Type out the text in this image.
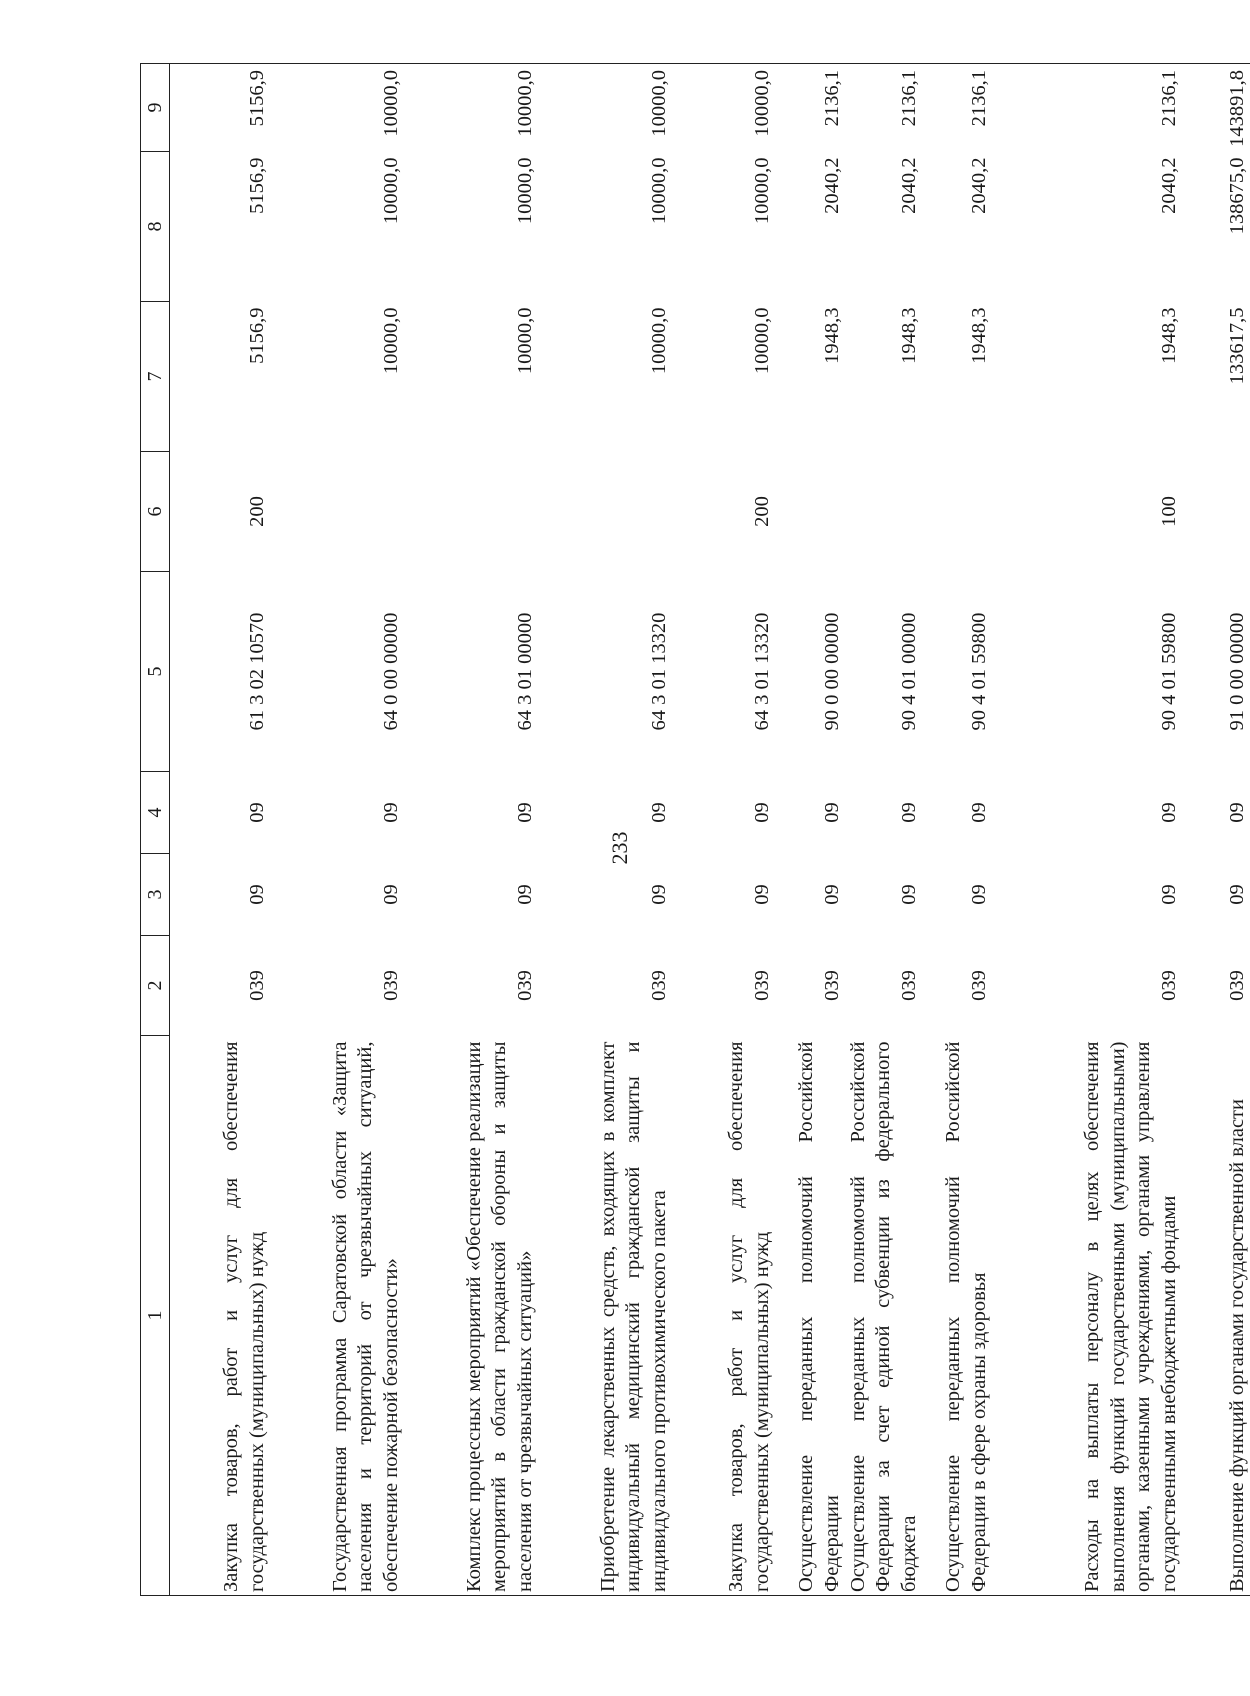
233
1	2	3	4	5	6	7	8	9
Закупка товаров, работ и услуг для обеспечения государственных (муниципальных) нужд	039	09	09	61 3 02 10570	200	5156,9	5156,9	5156,9
Государственная программа Саратовской области «Защита населения и территорий от чрезвычайных ситуаций, обеспечение пожарной безопасности»	039	09	09	64 0 00 00000		10000,0	10000,0	10000,0
Комплекс процессных мероприятий «Обеспечение реализации мероприятий в области гражданской обороны и защиты населения от чрезвычайных ситуаций»	039	09	09	64 3 01 00000		10000,0	10000,0	10000,0
Приобретение лекарственных средств, входящих в комплект индивидуальный медицинский гражданской защиты и индивидуального противохимического пакета	039	09	09	64 3 01 13320		10000,0	10000,0	10000,0
Закупка товаров, работ и услуг для обеспечения государственных (муниципальных) нужд	039	09	09	64 3 01 13320	200	10000,0	10000,0	10000,0
Осуществление переданных полномочий Российской Федерации	039	09	09	90 0 00 00000		1948,3	2040,2	2136,1
Осуществление переданных полномочий Российской Федерации за счет единой субвенции из федерального бюджета	039	09	09	90 4 01 00000		1948,3	2040,2	2136,1
Осуществление переданных полномочий Российской Федерации в сфере охраны здоровья	039	09	09	90 4 01 59800		1948,3	2040,2	2136,1
Расходы на выплаты персоналу в целях обеспечения выполнения функций государственными (муниципальными) органами, казенными учреждениями, органами управления государственными внебюджетными фондами	039	09	09	90 4 01 59800	100	1948,3	2040,2	2136,1
Выполнение функций органами государственной власти	039	09	09	91 0 00 00000		133617,5	138675,0	143891,8
